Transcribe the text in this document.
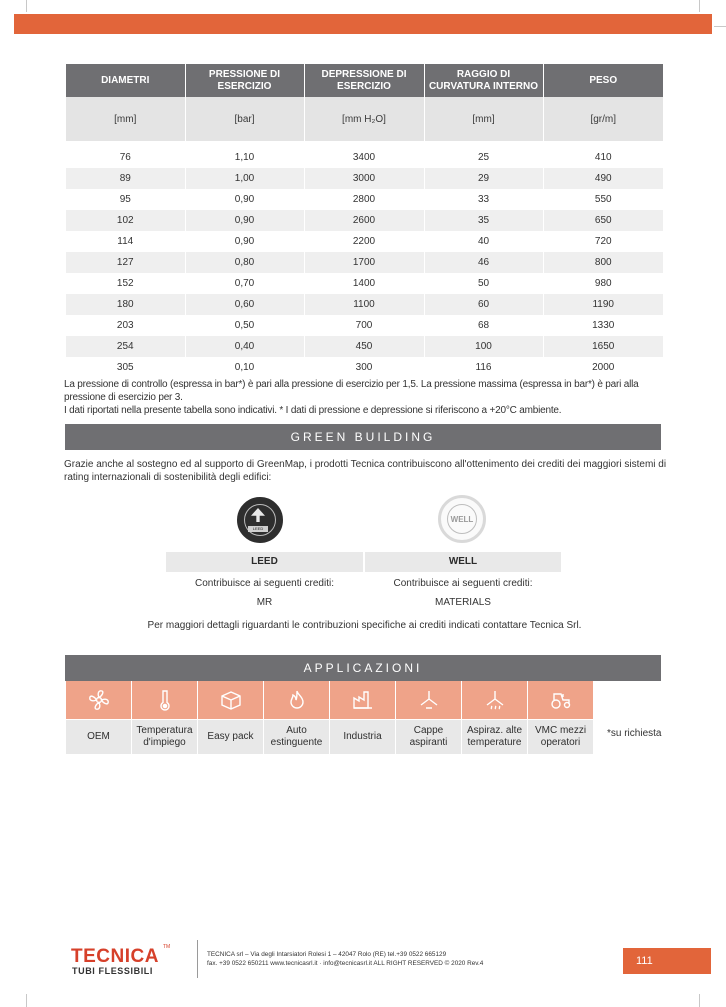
DIAMETRI	PRESSIONE DI ESERCIZIO	DEPRESSIONE DI ESERCIZIO	RAGGIO DI CURVATURA INTERNO	PESO
[mm]	[bar]	[mm H₂O]	[mm]	[gr/m]

76	1,10	3400	25	410
89	1,00	3000	29	490
95	0,90	2800	33	550
102	0,90	2600	35	650
114	0,90	2200	40	720
127	0,80	1700	46	800
152	0,70	1400	50	980
180	0,60	1100	60	1190
203	0,50	700	68	1330
254	0,40	450	100	1650
305	0,10	300	116	2000
La pressione di controllo (espressa in bar*) è pari alla pressione di esercizio per 1,5. La pressione massima (espressa in bar*) è pari alla pressione di esercizio per 3.
I dati riportati nella presente tabella sono indicativi. * I dati di pressione e depressione si riferiscono a +20°C ambiente.
GREEN BUILDING
Grazie anche al sostegno ed al supporto di GreenMap, i prodotti Tecnica contribuiscono all'ottenimento dei crediti dei maggiori sistemi di rating internazionali di sostenibilità degli edifici:
LEED
WELL
LEED	WELL
Contribuisce ai seguenti crediti:	Contribuisce ai seguenti crediti:
MR	MATERIALS
Per maggiori dettagli riguardanti le contribuzioni specifiche ai crediti indicati contattare Tecnica Srl.
APPLICAZIONI
OEM
Temperatura d'impiego
Easy pack
Auto estinguente
Industria
Cappe aspiranti
Aspiraz. alte temperature
VMC mezzi operatori
*su richiesta
TECNICA TM
TUBI FLESSIBILI
TECNICA srl – Via degli Intarsiatori Rolesi 1 – 42047 Rolo (RE) tel.+39 0522 665129
fax. +39 0522 650211 www.tecnicasrl.it · info@tecnicasrl.it ALL RIGHT RESERVED © 2020 Rev.4	111
